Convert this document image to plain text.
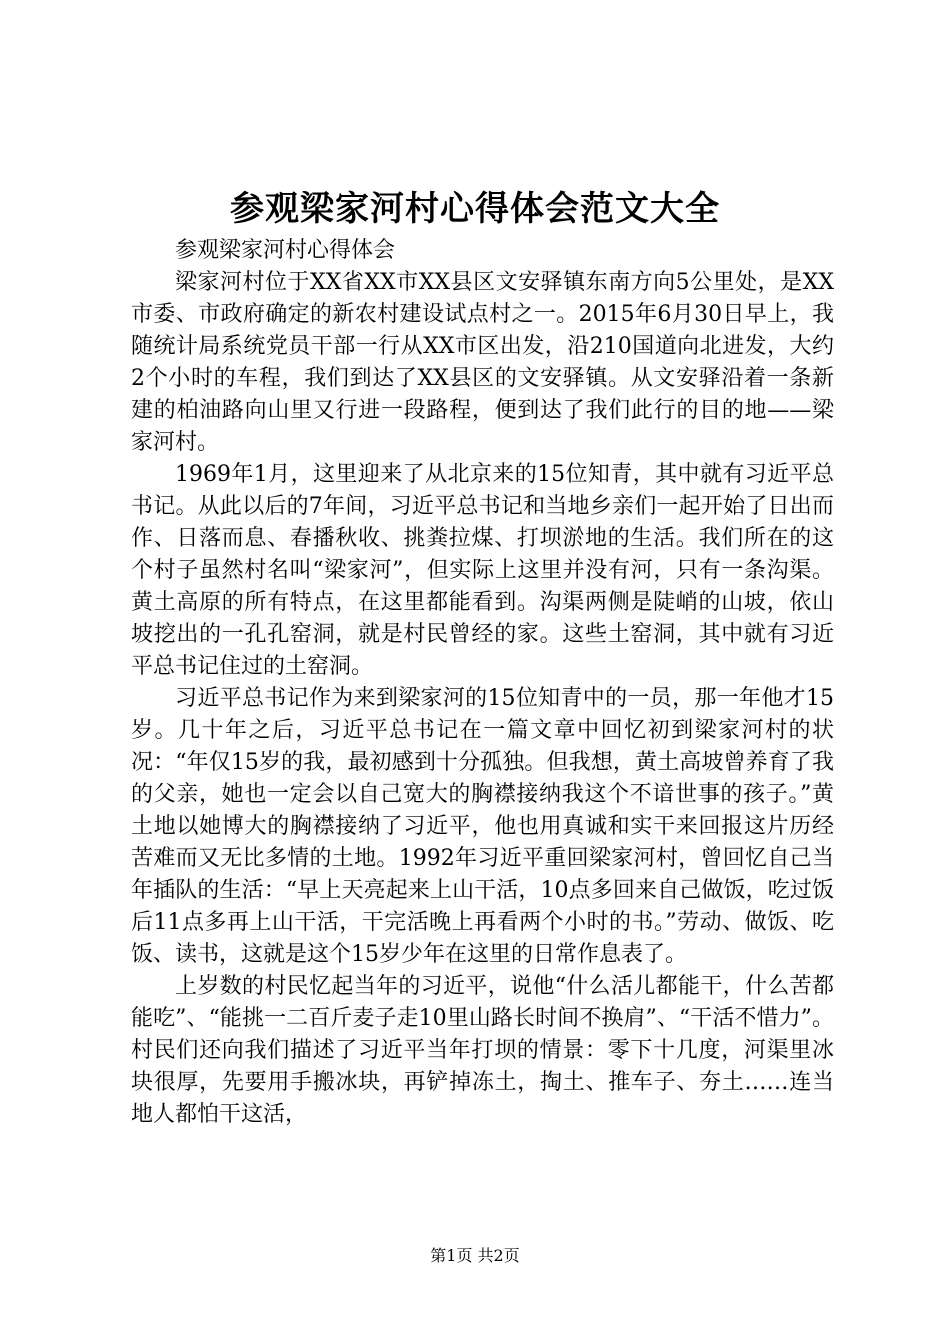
参观梁家河村心得体会范文大全

参观梁家河村心得体会

梁家河村位于XX省XX市XX县区文安驿镇东南方向5公里处，是XX市委、市政府确定的新农村建设试点村之一。2015年6月30日早上，我随统计局系统党员干部一行从XX市区出发，沿210国道向北进发，大约2个小时的车程，我们到达了XX县区的文安驿镇。从文安驿沿着一条新建的柏油路向山里又行进一段路程，便到达了我们此行的目的地——梁家河村。

1969年1月，这里迎来了从北京来的15位知青，其中就有习近平总书记。从此以后的7年间，习近平总书记和当地乡亲们一起开始了日出而作、日落而息、春播秋收、挑粪拉煤、打坝淤地的生活。我们所在的这个村子虽然村名叫“梁家河”，但实际上这里并没有河，只有一条沟渠。黄土高原的所有特点，在这里都能看到。沟渠两侧是陡峭的山坡，依山坡挖出的一孔孔窑洞，就是村民曾经的家。这些土窑洞，其中就有习近平总书记住过的土窑洞。

习近平总书记作为来到梁家河的15位知青中的一员，那一年他才15岁。几十年之后，习近平总书记在一篇文章中回忆初到梁家河村的状况：“年仅15岁的我，最初感到十分孤独。但我想，黄土高坡曾养育了我的父亲，她也一定会以自己宽大的胸襟接纳我这个不谙世事的孩子。”黄土地以她博大的胸襟接纳了习近平，他也用真诚和实干来回报这片历经苦难而又无比多情的土地。1992年习近平重回梁家河村，曾回忆自己当年插队的生活：“早上天亮起来上山干活，10点多回来自己做饭，吃过饭后11点多再上山干活，干完活晚上再看两个小时的书。”劳动、做饭、吃饭、读书，这就是这个15岁少年在这里的日常作息表了。

上岁数的村民忆起当年的习近平，说他“什么活儿都能干，什么苦都能吃”、“能挑一二百斤麦子走10里山路长时间不换肩”、“干活不惜力”。村民们还向我们描述了习近平当年打坝的情景：零下十几度，河渠里冰块很厚，先要用手搬冰块，再铲掉冻土，掏土、推车子、夯土……连当地人都怕干这活，

第1页 共2页
